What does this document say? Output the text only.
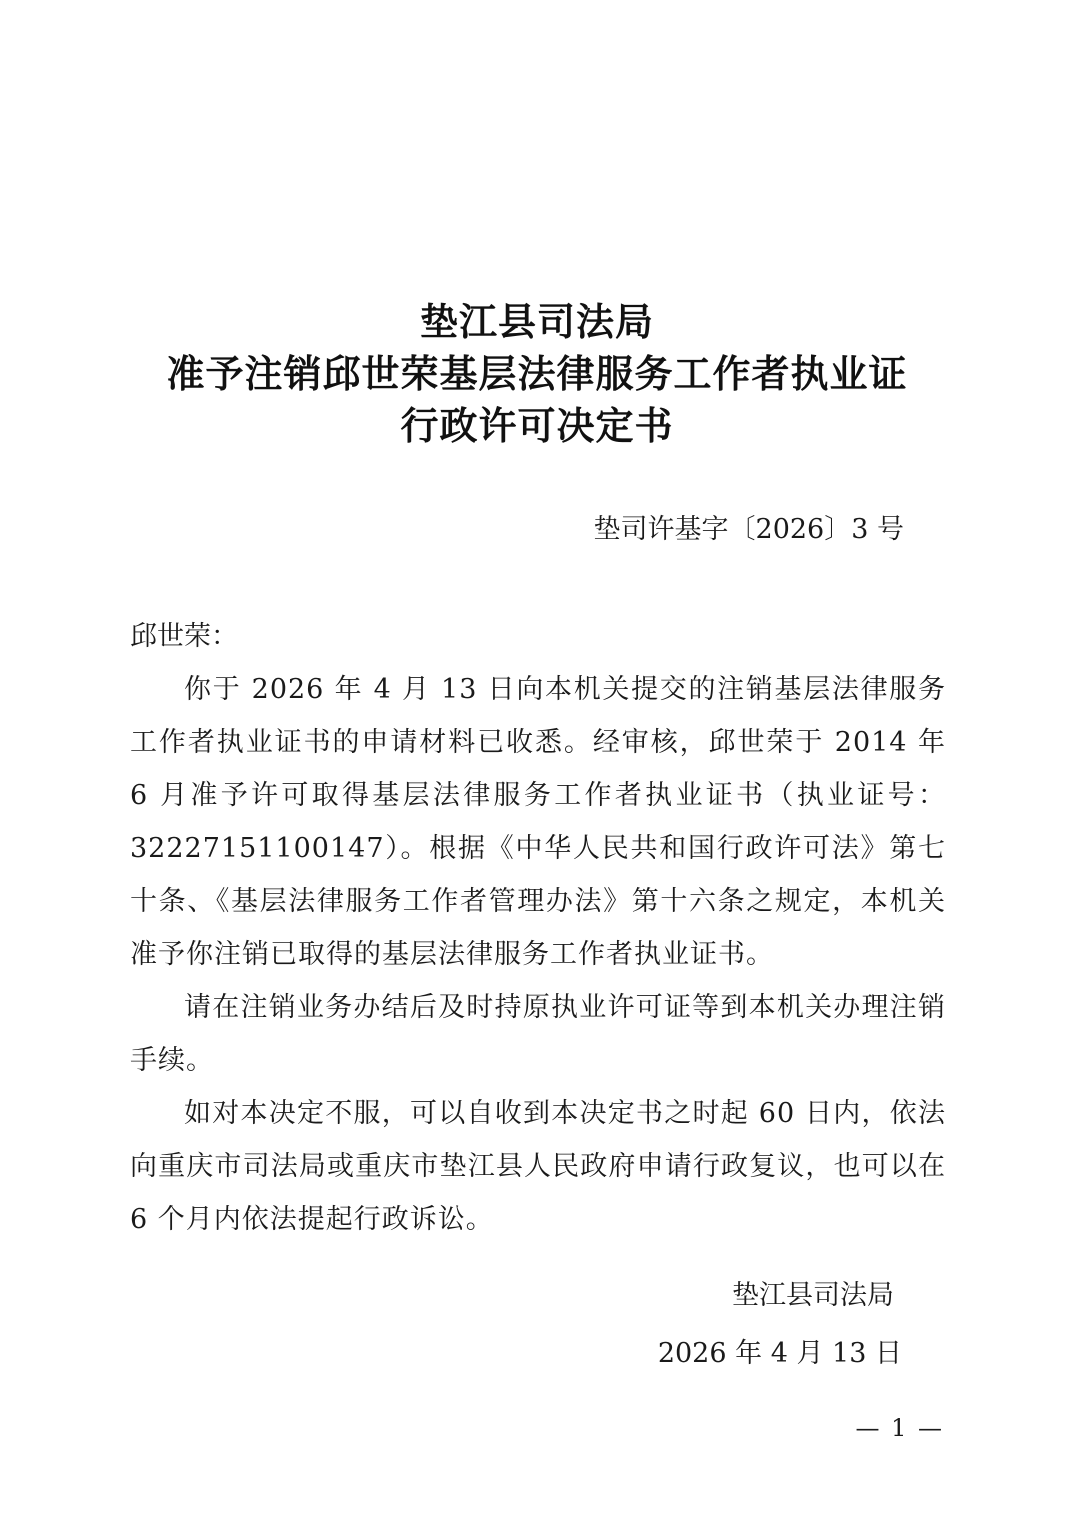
垫江县司法局
准予注销邱世荣基层法律服务工作者执业证
行政许可决定书
垫司许基字〔2026〕3 号

邱世荣：

你于 2026 年 4 月 13 日向本机关提交的注销基层法律服务工作者执业证书的申请材料已收悉。经审核，邱世荣于 2014 年 6 月准予许可取得基层法律服务工作者执业证书（执业证号：32227151100147）。根据《中华人民共和国行政许可法》第七十条、《基层法律服务工作者管理办法》第十六条之规定，本机关准予你注销已取得的基层法律服务工作者执业证书。

请在注销业务办结后及时持原执业许可证等到本机关办理注销手续。

如对本决定不服，可以自收到本决定书之时起 60 日内，依法向重庆市司法局或重庆市垫江县人民政府申请行政复议，也可以在 6 个月内依法提起行政诉讼。

垫江县司法局
2026 年 4 月 13 日
— 1 —
